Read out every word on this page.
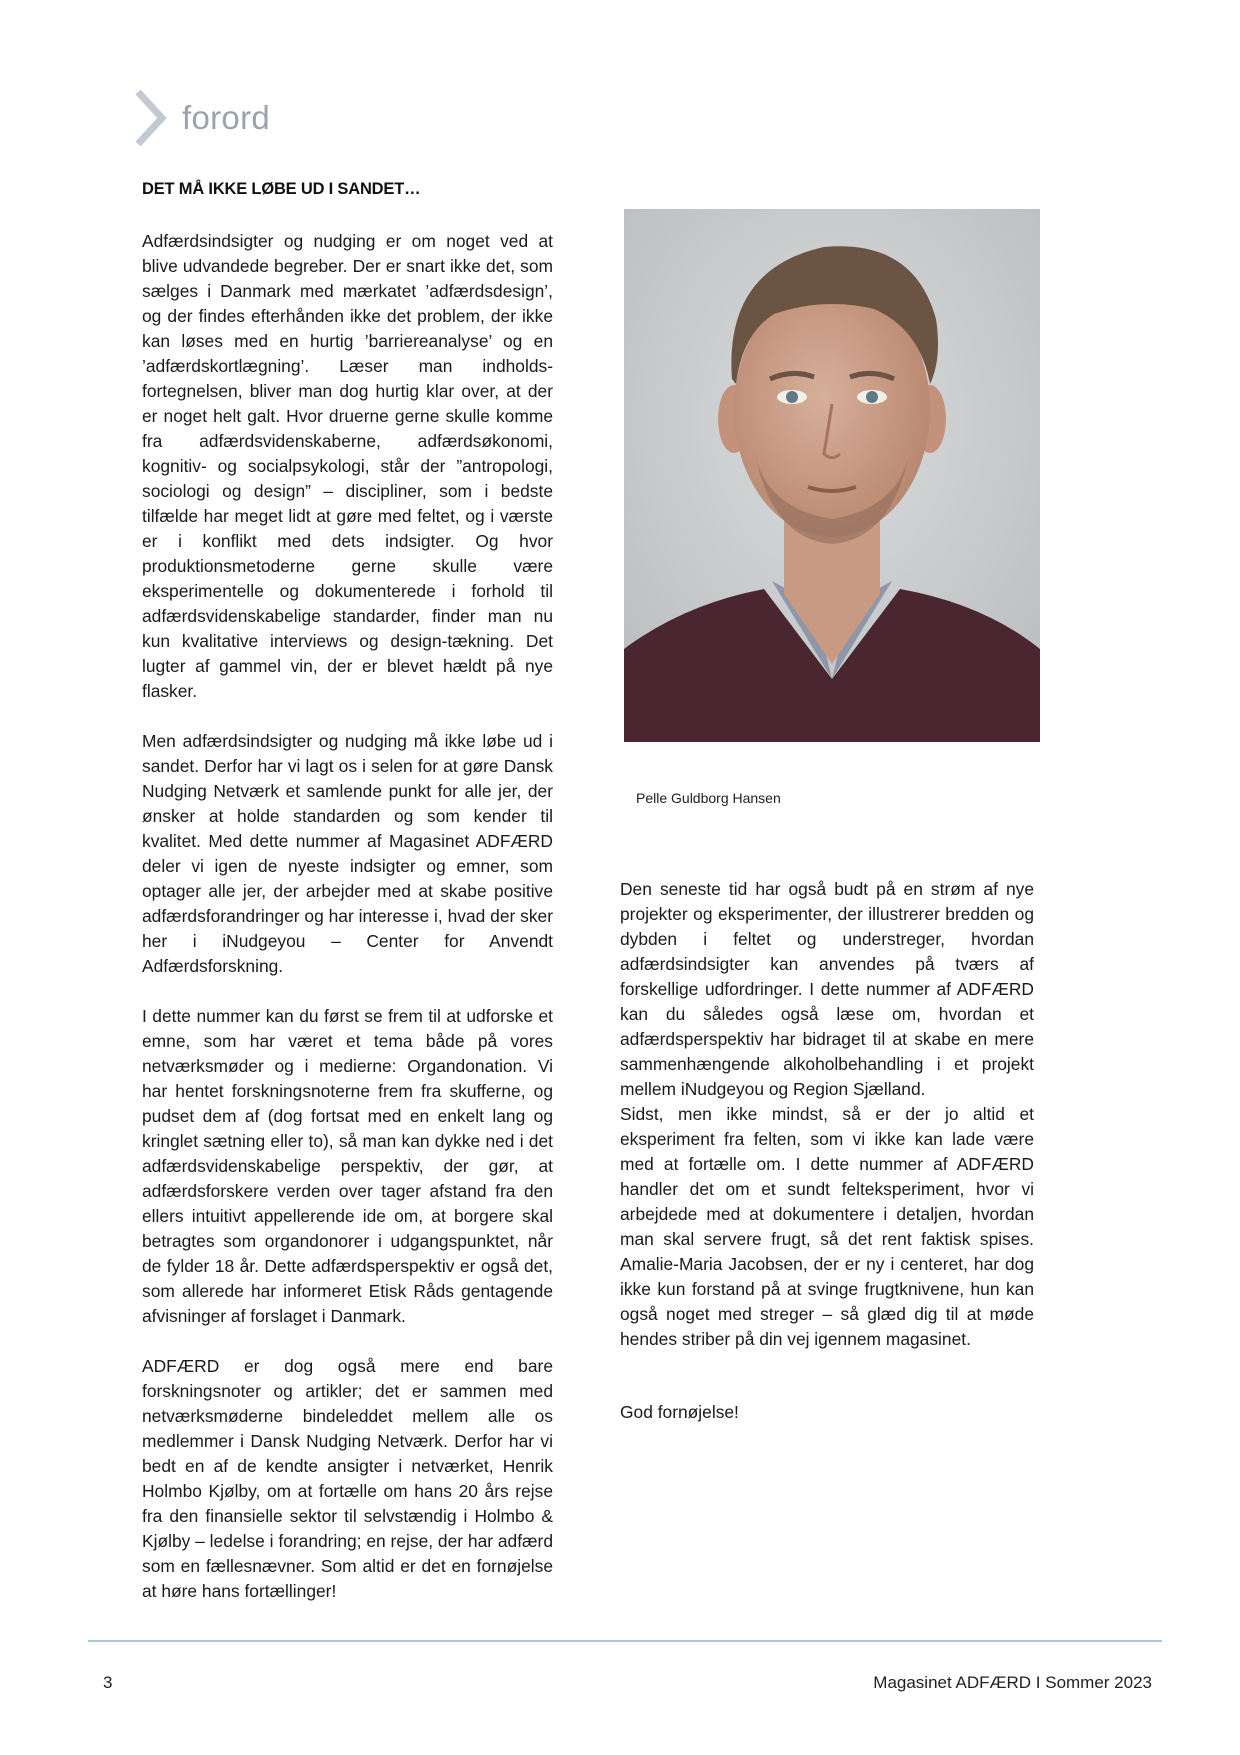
forord
DET MÅ IKKE LØBE UD I SANDET…

Adfærdsindsigter og nudging er om noget ved at blive udvandede begreber. Der er snart ikke det, som sælges i Danmark med mærkatet ’adfærdsdesign’, og der findes efterhånden ikke det problem, der ikke kan løses med en hurtig ’barriereanalyse’ og en ’adfærdskortlægning’. Læser man indholds-fortegnelsen, bliver man dog hurtig klar over, at der er noget helt galt. Hvor druerne gerne skulle komme fra adfærdsvidenskaberne, adfærdsøkonomi, kognitiv- og socialpsykologi, står der ”antropologi, sociologi og design” – discipliner, som i bedste tilfælde har meget lidt at gøre med feltet, og i værste er i konflikt med dets indsigter. Og hvor produktionsmetoderne gerne skulle være eksperimentelle og dokumenterede i forhold til adfærdsvidenskabelige standarder, finder man nu kun kvalitative interviews og design-tækning. Det lugter af gammel vin, der er blevet hældt på nye flasker.

Men adfærdsindsigter og nudging må ikke løbe ud i sandet. Derfor har vi lagt os i selen for at gøre Dansk Nudging Netværk et samlende punkt for alle jer, der ønsker at holde standarden og som kender til kvalitet. Med dette nummer af Magasinet ADFÆRD deler vi igen de nyeste indsigter og emner, som optager alle jer, der arbejder med at skabe positive adfærdsforandringer og har interesse i, hvad der sker her i iNudgeyou – Center for Anvendt Adfærdsforskning.

I dette nummer kan du først se frem til at udforske et emne, som har været et tema både på vores netværksmøder og i medierne: Organdonation. Vi har hentet forskningsnoterne frem fra skufferne, og pudset dem af (dog fortsat med en enkelt lang og kringlet sætning eller to), så man kan dykke ned i det adfærdsvidenskabelige perspektiv, der gør, at adfærdsforskere verden over tager afstand fra den ellers intuitivt appellerende ide om, at borgere skal betragtes som organdonorer i udgangspunktet, når de fylder 18 år. Dette adfærdsperspektiv er også det, som allerede har informeret Etisk Råds gentagende afvisninger af forslaget i Danmark.

ADFÆRD er dog også mere end bare forskningsnoter og artikler; det er sammen med netværksmøderne bindeleddet mellem alle os medlemmer i Dansk Nudging Netværk. Derfor har vi bedt en af de kendte ansigter i netværket, Henrik Holmbo Kjølby, om at fortælle om hans 20 års rejse fra den finansielle sektor til selvstændig i Holmbo & Kjølby – ledelse i forandring; en rejse, der har adfærd som en fællesnævner. Som altid er det en fornøjelse at høre hans fortællinger!

Pelle Guldborg Hansen

Den seneste tid har også budt på en strøm af nye projekter og eksperimenter, der illustrerer bredden og dybden i feltet og understreger, hvordan adfærdsindsigter kan anvendes på tværs af forskellige udfordringer. I dette nummer af ADFÆRD kan du således også læse om, hvordan et adfærdsperspektiv har bidraget til at skabe en mere sammenhængende alkoholbehandling i et projekt mellem iNudgeyou og Region Sjælland.

Sidst, men ikke mindst, så er der jo altid et eksperiment fra felten, som vi ikke kan lade være med at fortælle om. I dette nummer af ADFÆRD handler det om et sundt felteksperiment, hvor vi arbejdede med at dokumentere i detaljen, hvordan man skal servere frugt, så det rent faktisk spises. Amalie-Maria Jacobsen, der er ny i centeret, har dog ikke kun forstand på at svinge frugtknivene, hun kan også noget med streger – så glæd dig til at møde hendes striber på din vej igennem magasinet.

God fornøjelse!
3	Magasinet ADFÆRD I Sommer 2023
